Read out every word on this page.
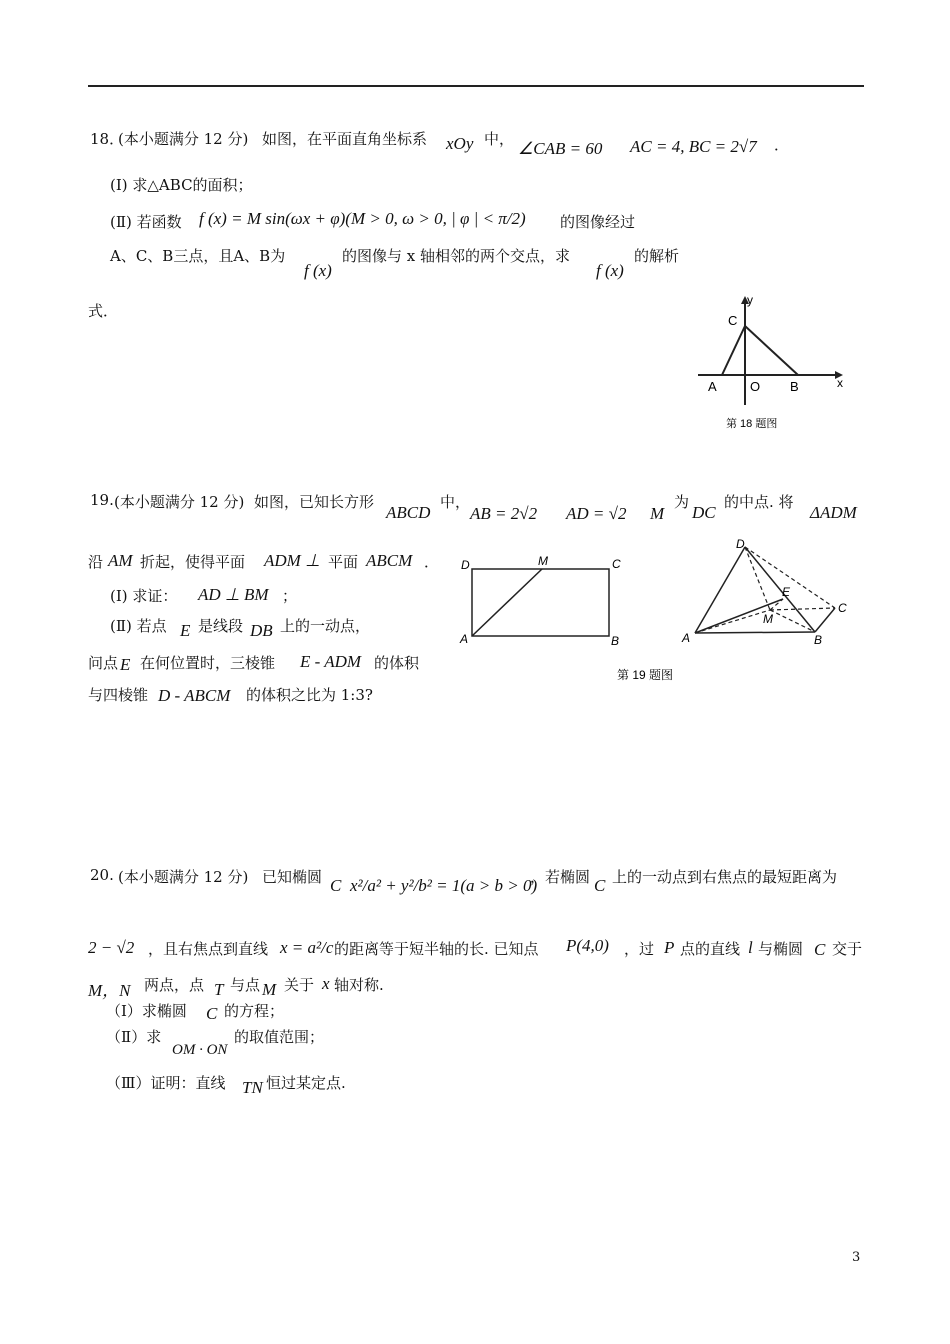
18．
(本小题满分 12 分) 如图，在平面直角坐标系 xOy 中， ∠CAB = 60 AC = 4, BC = 2√7 ．
(Ⅰ) 求△ABC的面积；
(Ⅱ) 若函数 f (x) = M sin(ωx + φ)(M > 0, ω > 0, | φ | < π/2) 的图像经过
A、C、B三点，且A、B为
f (x)
的图像与 x 轴相邻的两个交点，求
f (x)
的解析
式．
y
x
C
A	O B
第 18 题图
19. (本小题满分 12 分) 如图，已知长方形
ABCD
中，
AB = 2√2 AD = √2 M
为
DC
的中点. 将
ΔADM
沿 AM 折起，使得平面 ADM ⊥ 平面 ABCM ．
(Ⅰ) 求证： AD ⊥ BM ；
(Ⅱ) 若点 E 是线段 DB 上的一动点，
问点 E 在何位置时，三棱锥 E - ADM 的体积
与四棱锥 D - ABCM 的体积之比为 1:3?
D	M	C
A	B
D
E
M
C
A	B
第 19 题图
20. (本小题满分 12 分) 已知椭圆 C x²/a² + y²/b² = 1(a > b > 0)
，若椭圆 C 上的一动点到右焦点的最短距离为
2 − √2 ，且右焦点到直线 x = a²/c 的距离等于短半轴的长. 已知点 P(4,0) ，过 P 点的直线 l 与椭圆 C 交于
M，N 两点，点 T 与点 M 关于 x 轴对称.
（Ⅰ）求椭圆 C 的方程；
（Ⅱ）求
OM · ON
的取值范围；
（Ⅲ）证明：直线 TN 恒过某定点.
3
